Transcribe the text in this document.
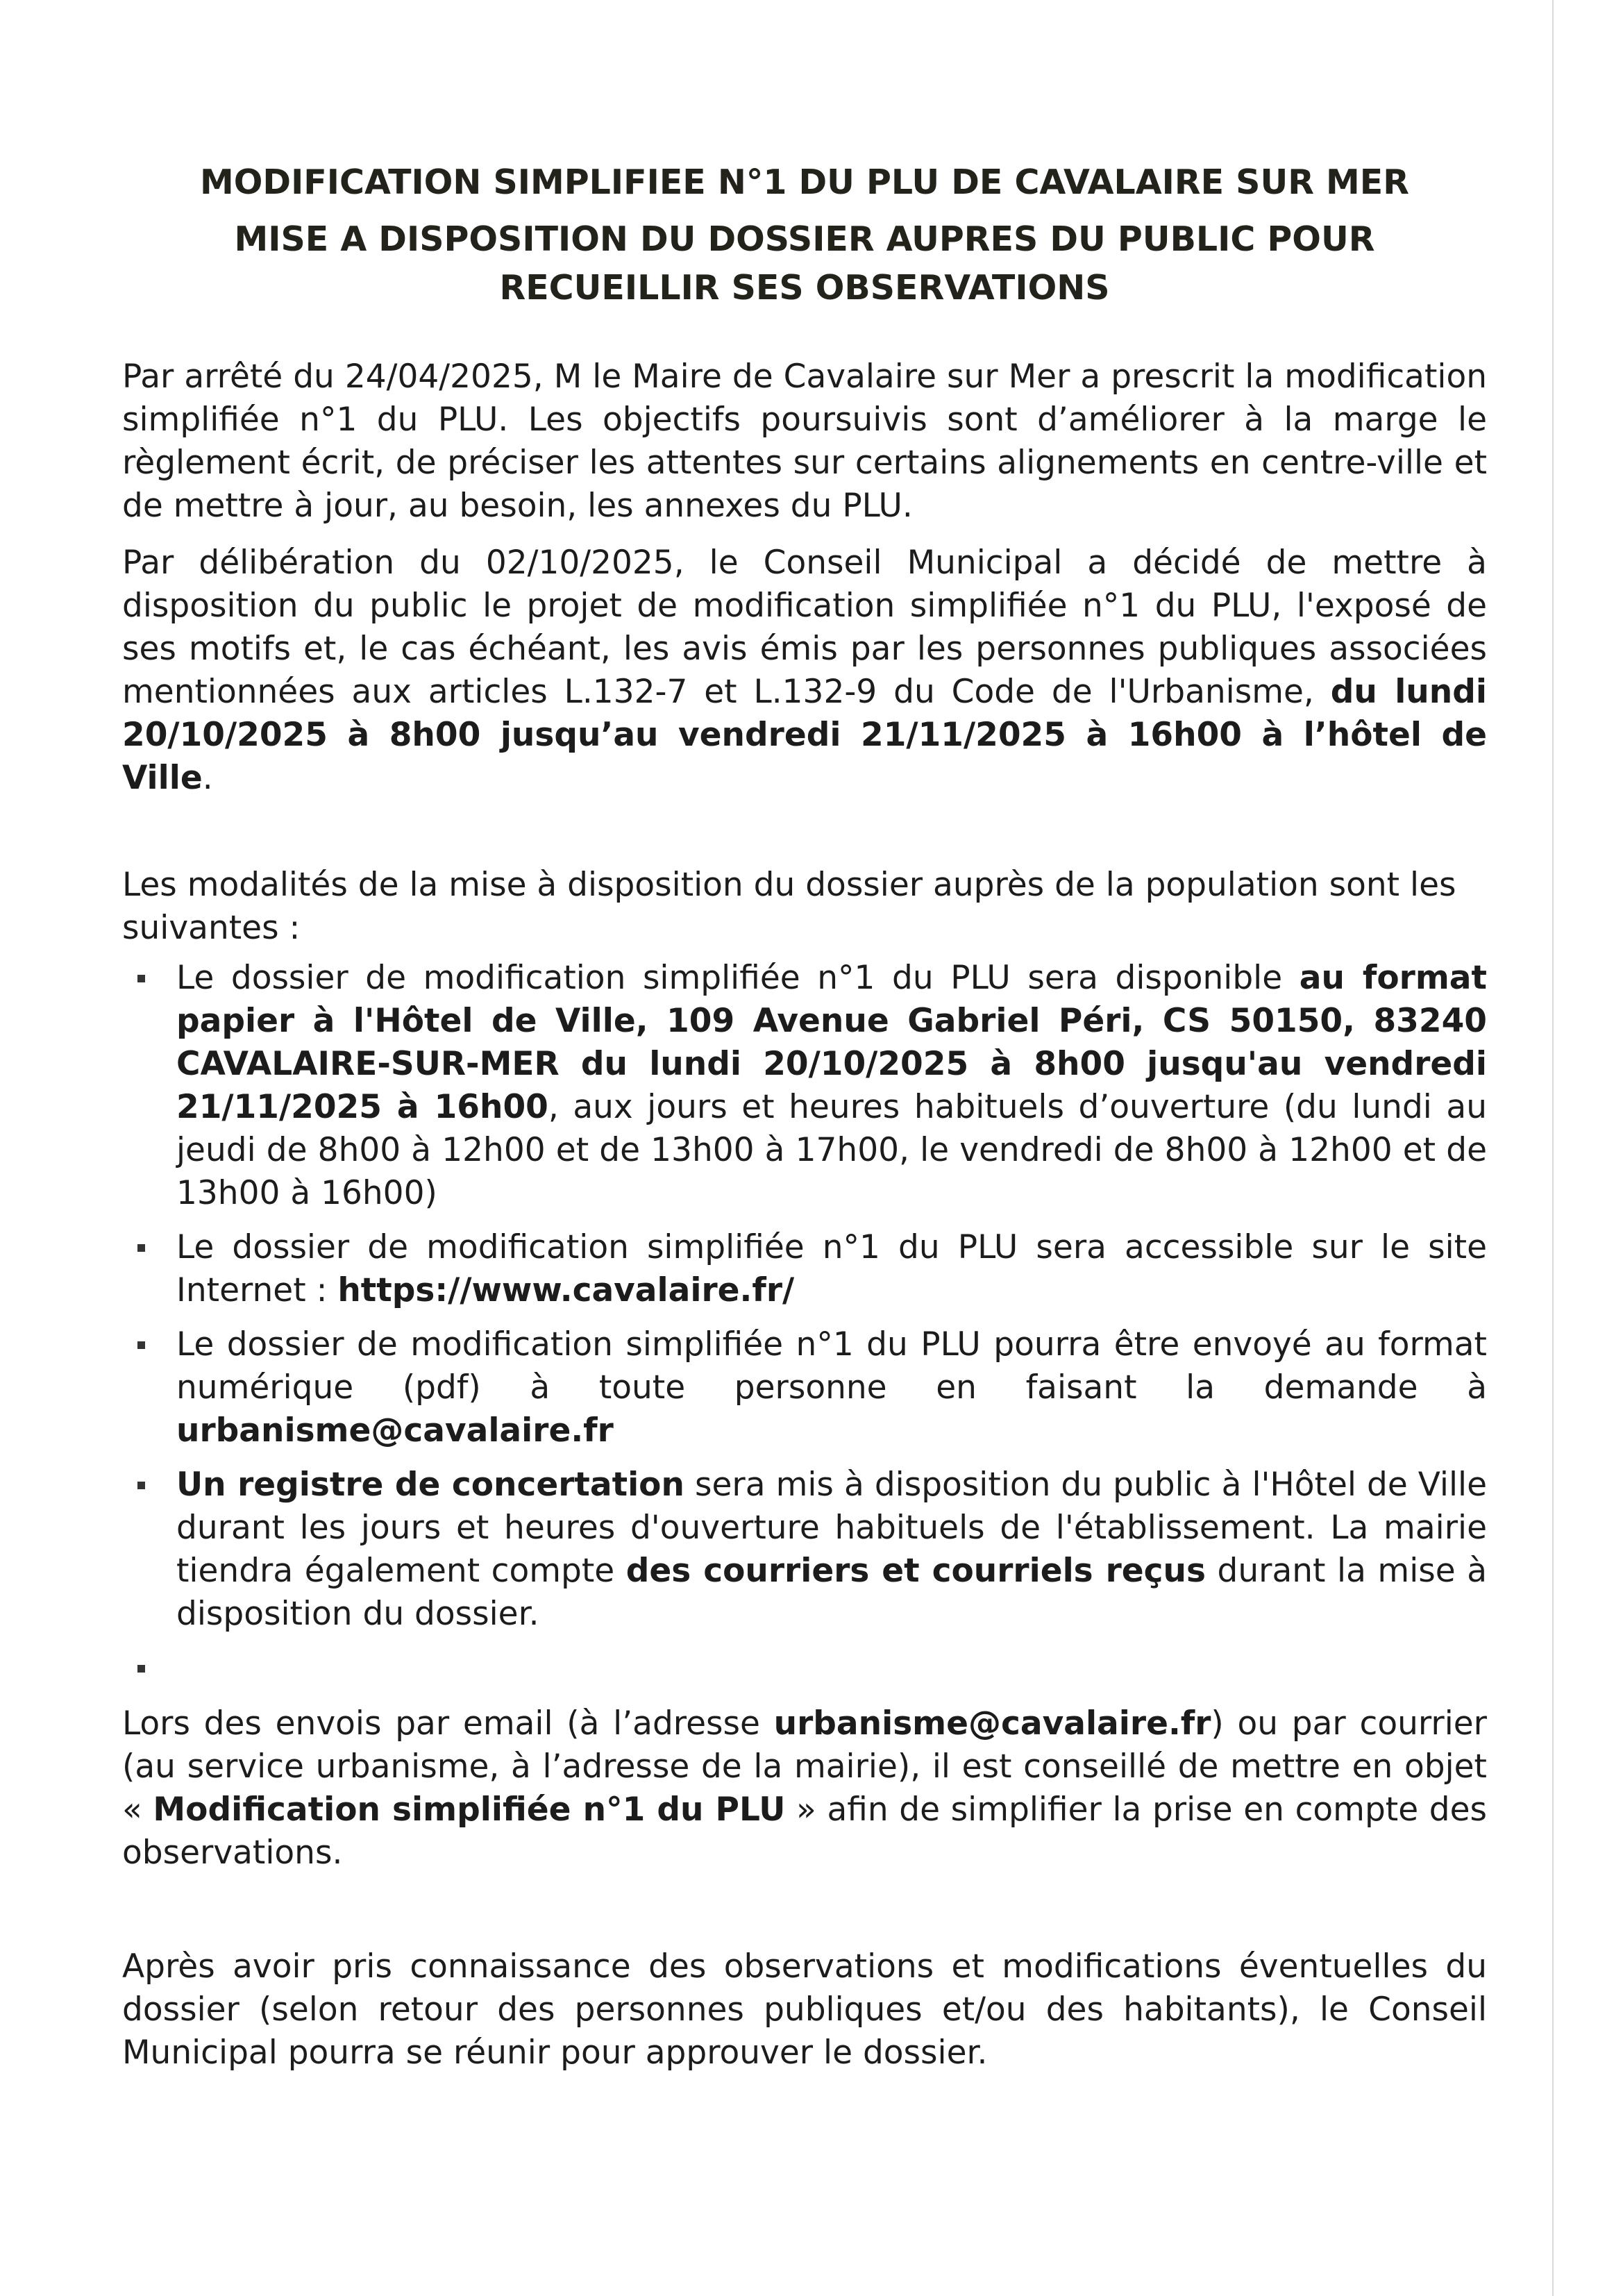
MODIFICATION SIMPLIFIEE N°1 DU PLU DE CAVALAIRE SUR MER
MISE A DISPOSITION DU DOSSIER AUPRES DU PUBLIC POUR RECUEILLIR SES OBSERVATIONS

Par arrêté du 24/04/2025, M le Maire de Cavalaire sur Mer a prescrit la modification simplifiée n°1 du PLU. Les objectifs poursuivis sont d’améliorer à la marge le règlement écrit, de préciser les attentes sur certains alignements en centre-ville et de mettre à jour, au besoin, les annexes du PLU.

Par délibération du 02/10/2025, le Conseil Municipal a décidé de mettre à disposition du public le projet de modification simplifiée n°1 du PLU, l'exposé de ses motifs et, le cas échéant, les avis émis par les personnes publiques associées mentionnées aux articles L.132-7 et L.132-9 du Code de l'Urbanisme, du lundi 20/10/2025 à 8h00 jusqu’au vendredi 21/11/2025 à 16h00 à l’hôtel de Ville.

Les modalités de la mise à disposition du dossier auprès de la population sont les suivantes :

Le dossier de modification simplifiée n°1 du PLU sera disponible au format papier à l'Hôtel de Ville, 109 Avenue Gabriel Péri, CS 50150, 83240 CAVALAIRE-SUR-MER du lundi 20/10/2025 à 8h00 jusqu'au vendredi 21/11/2025 à 16h00, aux jours et heures habituels d’ouverture (du lundi au jeudi de 8h00 à 12h00 et de 13h00 à 17h00, le vendredi de 8h00 à 12h00 et de 13h00 à 16h00)
Le dossier de modification simplifiée n°1 du PLU sera accessible sur le site Internet : https://www.cavalaire.fr/
Le dossier de modification simplifiée n°1 du PLU pourra être envoyé au format numérique (pdf) à toute personne en faisant la demande à urbanisme@cavalaire.fr
Un registre de concertation sera mis à disposition du public à l'Hôtel de Ville durant les jours et heures d'ouverture habituels de l'établissement. La mairie tiendra également compte des courriers et courriels reçus durant la mise à disposition du dossier.

Lors des envois par email (à l’adresse urbanisme@cavalaire.fr) ou par courrier (au service urbanisme, à l’adresse de la mairie), il est conseillé de mettre en objet « Modification simplifiée n°1 du PLU » afin de simplifier la prise en compte des observations.

Après avoir pris connaissance des observations et modifications éventuelles du dossier (selon retour des personnes publiques et/ou des habitants), le Conseil Municipal pourra se réunir pour approuver le dossier.
